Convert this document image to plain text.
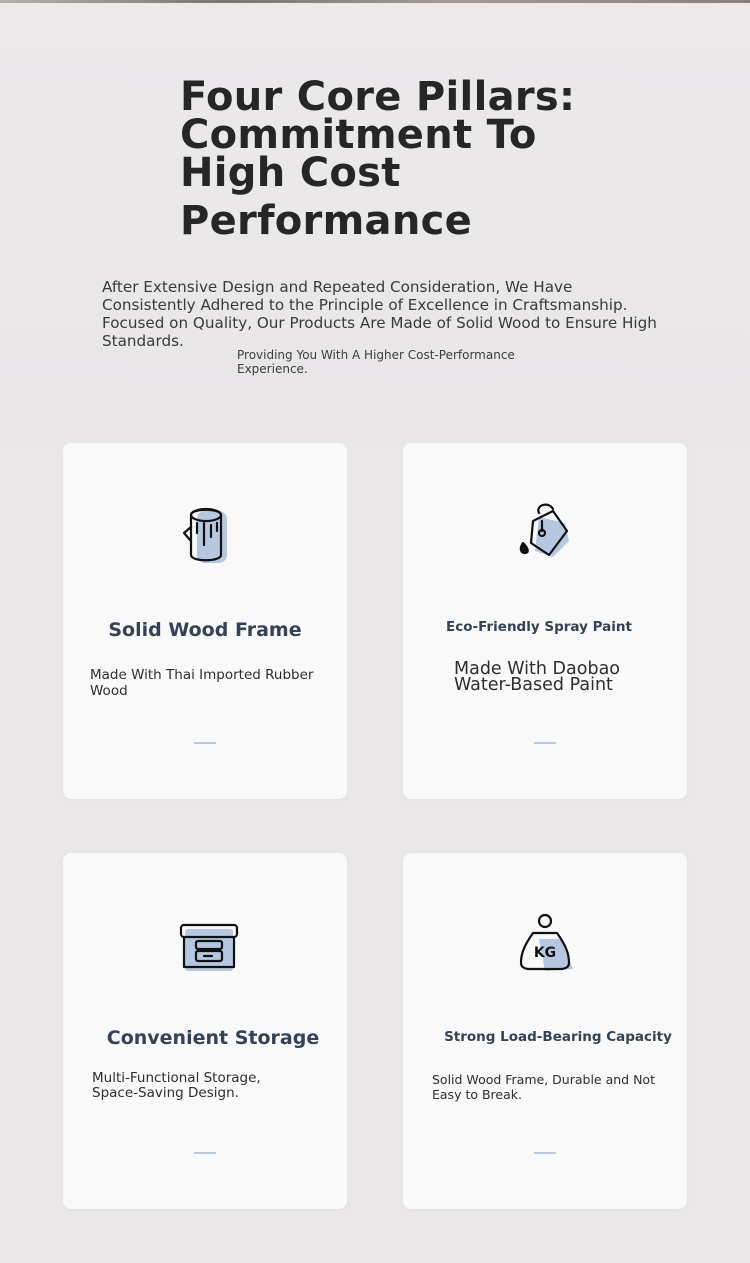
Four Core Pillars:
Commitment To
High Cost
Performance

After Extensive Design and Repeated Consideration, We Have Consistently Adhered to the Principle of Excellence in Craftsmanship. Focused on Quality, Our Products Are Made of Solid Wood to Ensure High Standards.

Providing You With A Higher Cost-Performance Experience.

Solid Wood Frame
Made With Thai Imported Rubber Wood
Eco-Friendly Spray Paint
Made With Daobao
Water-Based Paint
Convenient Storage
Multi-Functional Storage,
Space-Saving Design.
KG
Strong Load-Bearing Capacity
Solid Wood Frame, Durable and Not
Easy to Break.
